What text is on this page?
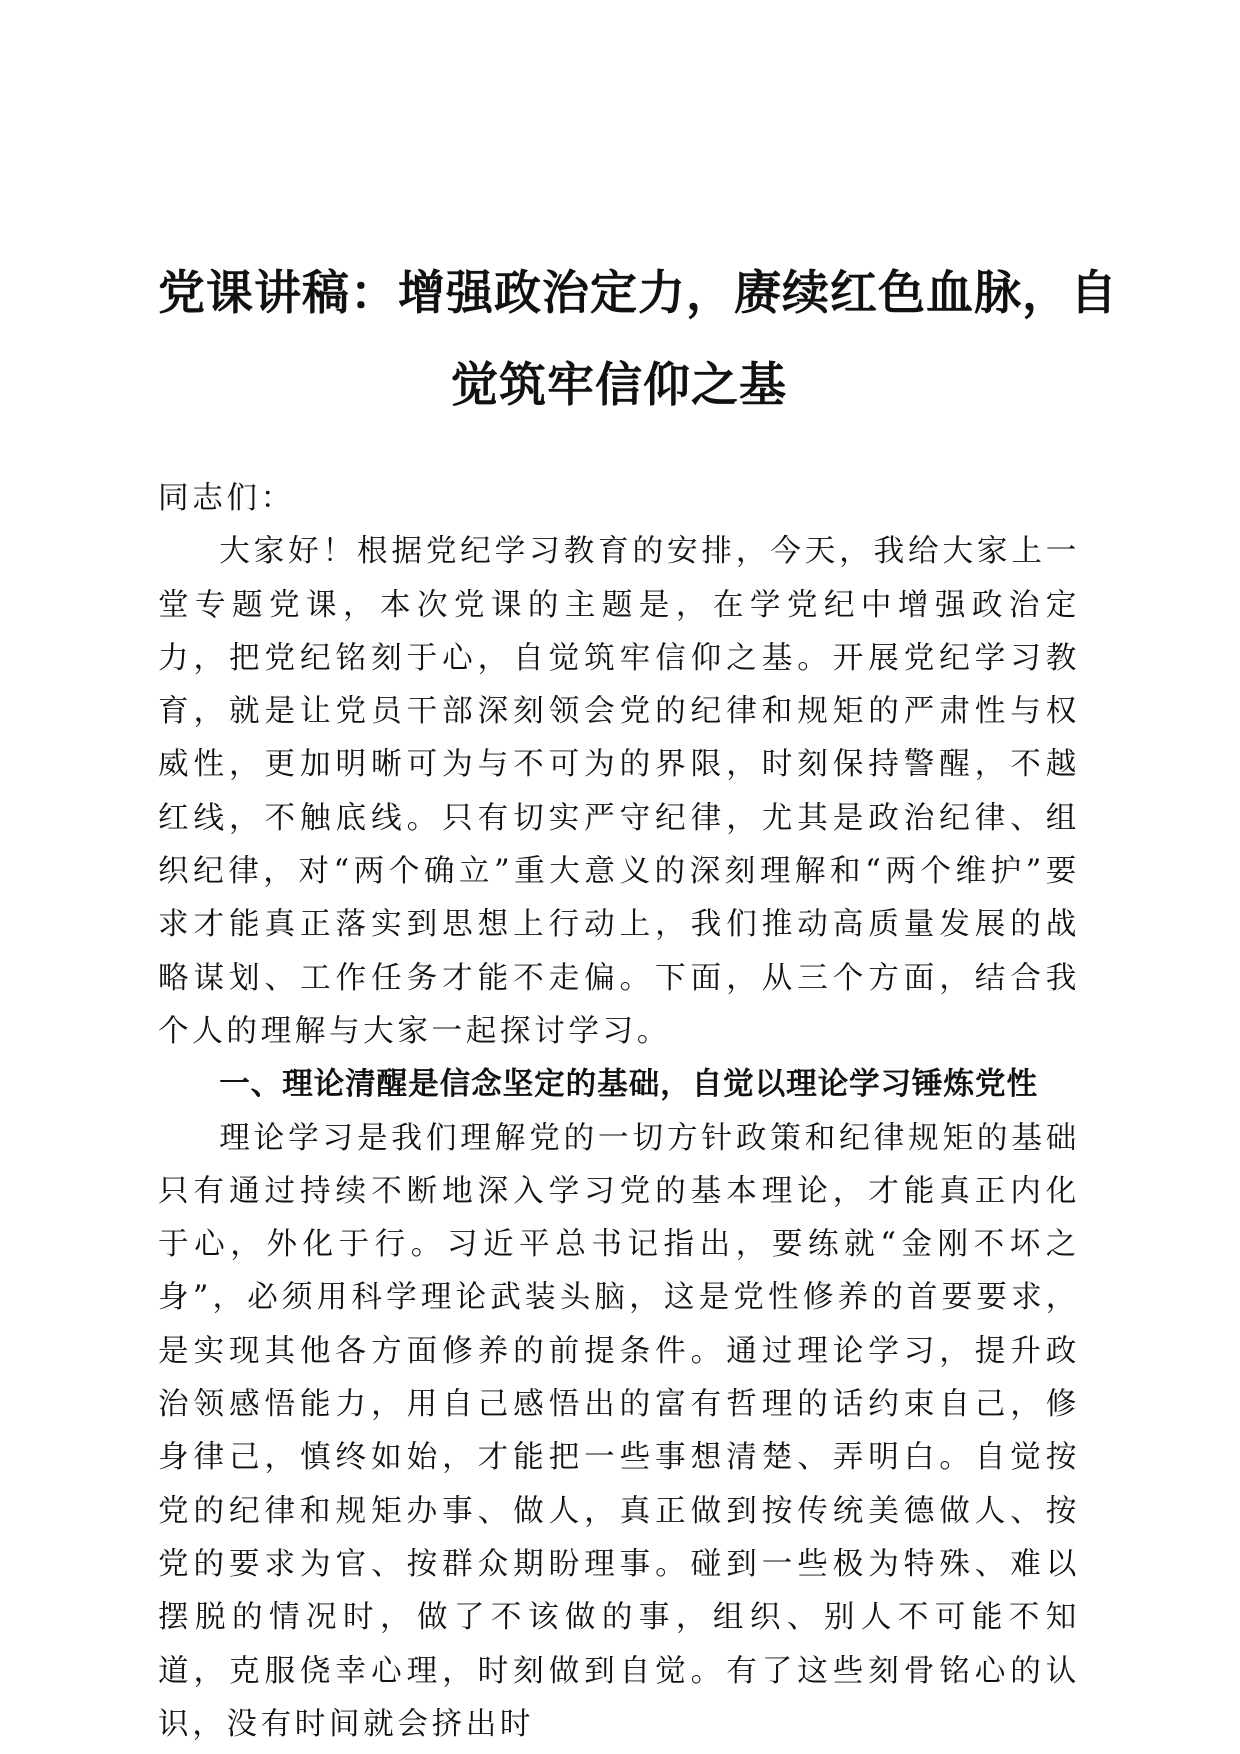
党课讲稿：增强政治定力，赓续红色血脉，自
觉筑牢信仰之基

同志们：

大家好！根据党纪学习教育的安排，今天，我给大家上一堂专题党课，本次党课的主题是，在学党纪中增强政治定力，把党纪铭刻于心，自觉筑牢信仰之基。开展党纪学习教育，就是让党员干部深刻领会党的纪律和规矩的严肃性与权威性，更加明晰可为与不可为的界限，时刻保持警醒，不越红线，不触底线。只有切实严守纪律，尤其是政治纪律、组织纪律，对“两个确立”重大意义的深刻理解和“两个维护”要求才能真正落实到思想上行动上，我们推动高质量发展的战略谋划、工作任务才能不走偏。下面，从三个方面，结合我个人的理解与大家一起探讨学习。

一、理论清醒是信念坚定的基础，自觉以理论学习锤炼党性

理论学习是我们理解党的一切方针政策和纪律规矩的基础只有通过持续不断地深入学习党的基本理论，才能真正内化于心，外化于行。习近平总书记指出，要练就“金刚不坏之身”，必须用科学理论武装头脑，这是党性修养的首要要求，是实现其他各方面修养的前提条件。通过理论学习，提升政治领感悟能力，用自己感悟出的富有哲理的话约束自己，修身律己，慎终如始，才能把一些事想清楚、弄明白。自觉按党的纪律和规矩办事、做人，真正做到按传统美德做人、按党的要求为官、按群众期盼理事。碰到一些极为特殊、难以摆脱的情况时，做了不该做的事，组织、别人不可能不知道，克服侥幸心理，时刻做到自觉。有了这些刻骨铭心的认识，没有时间就会挤出时
